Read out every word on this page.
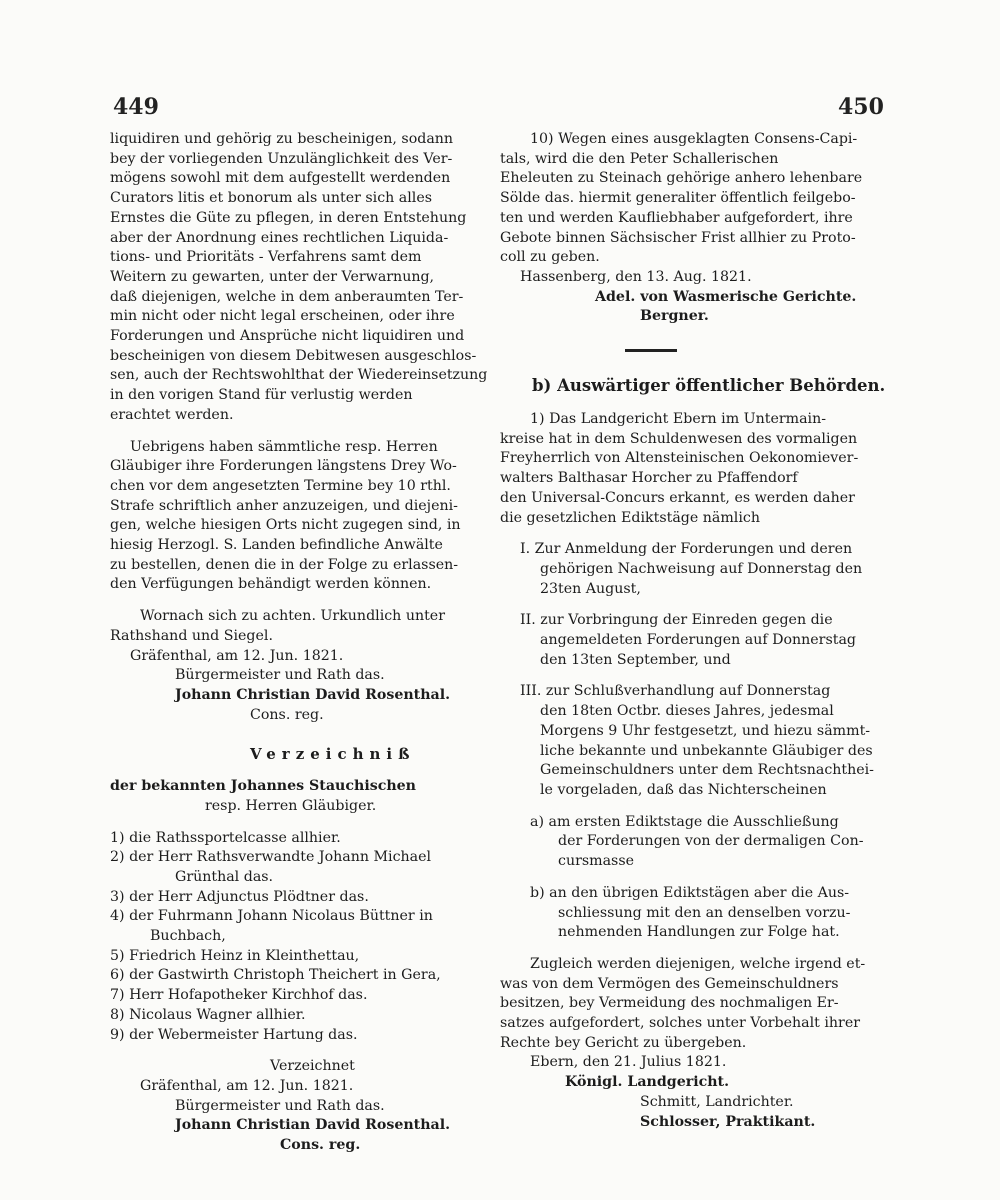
449	450

liquidiren und gehörig zu bescheinigen, sodann

bey der vorliegenden Unzulänglichkeit des Ver-

mögens sowohl mit dem aufgestellt werdenden

Curators litis et bonorum als unter sich alles

Ernstes die Güte zu pflegen, in deren Entstehung

aber der Anordnung eines rechtlichen Liquida-

tions- und Prioritäts - Verfahrens samt dem

Weitern zu gewarten, unter der Verwarnung,

daß diejenigen, welche in dem anberaumten Ter-

min nicht oder nicht legal erscheinen, oder ihre

Forderungen und Ansprüche nicht liquidiren und

bescheinigen von diesem Debitwesen ausgeschlos-

sen, auch der Rechtswohlthat der Wiedereinsetzung

in den vorigen Stand für verlustig werden

erachtet werden.

Uebrigens haben sämmtliche resp. Herren

Gläubiger ihre Forderungen längstens Drey Wo-

chen vor dem angesetzten Termine bey 10 rthl.

Strafe schriftlich anher anzuzeigen, und diejeni-

gen, welche hiesigen Orts nicht zugegen sind, in

hiesig Herzogl. S. Landen befindliche Anwälte

zu bestellen, denen die in der Folge zu erlassen-

den Verfügungen behändigt werden können.

Wornach sich zu achten. Urkundlich unter

Rathshand und Siegel.

Gräfenthal, am 12. Jun. 1821.

Bürgermeister und Rath das.

Johann Christian David Rosenthal.

Cons. reg.

Verzeichniß

der bekannten Johannes Stauchischen

resp. Herren Gläubiger.

1) die Rathssportelcasse allhier.

2) der Herr Rathsverwandte Johann Michael

Grünthal das.

3) der Herr Adjunctus Plödtner das.

4) der Fuhrmann Johann Nicolaus Büttner in

Buchbach,

5) Friedrich Heinz in Kleinthettau,

6) der Gastwirth Christoph Theichert in Gera,

7) Herr Hofapotheker Kirchhof das.

8) Nicolaus Wagner allhier.

9) der Webermeister Hartung das.

Verzeichnet

Gräfenthal, am 12. Jun. 1821.

Bürgermeister und Rath das.

Johann Christian David Rosenthal.

Cons. reg.

10) Wegen eines ausgeklagten Consens-Capi-

tals, wird die den Peter Schallerischen

Eheleuten zu Steinach gehörige anhero lehenbare

Sölde das. hiermit generaliter öffentlich feilgebo-

ten und werden Kaufliebhaber aufgefordert, ihre

Gebote binnen Sächsischer Frist allhier zu Proto-

coll zu geben.

Hassenberg, den 13. Aug. 1821.

Adel. von Wasmerische Gerichte.

Bergner.

b) Auswärtiger öffentlicher Behörden.

1) Das Landgericht Ebern im Untermain-

kreise hat in dem Schuldenwesen des vormaligen

Freyherrlich von Altensteinischen Oekonomiever-

walters Balthasar Horcher zu Pfaffendorf

den Universal-Concurs erkannt, es werden daher

die gesetzlichen Ediktstäge nämlich

I. Zur Anmeldung der Forderungen und deren

gehörigen Nachweisung auf Donnerstag den

23ten August,

II. zur Vorbringung der Einreden gegen die

angemeldeten Forderungen auf Donnerstag

den 13ten September, und

III. zur Schlußverhandlung auf Donnerstag

den 18ten Octbr. dieses Jahres, jedesmal

Morgens 9 Uhr festgesetzt, und hiezu sämmt-

liche bekannte und unbekannte Gläubiger des

Gemeinschuldners unter dem Rechtsnachthei-

le vorgeladen, daß das Nichterscheinen

a) am ersten Ediktstage die Ausschließung

der Forderungen von der dermaligen Con-

cursmasse

b) an den übrigen Ediktstägen aber die Aus-

schliessung mit den an denselben vorzu-

nehmenden Handlungen zur Folge hat.

Zugleich werden diejenigen, welche irgend et-

was von dem Vermögen des Gemeinschuldners

besitzen, bey Vermeidung des nochmaligen Er-

satzes aufgefordert, solches unter Vorbehalt ihrer

Rechte bey Gericht zu übergeben.

Ebern, den 21. Julius 1821.

Königl. Landgericht.

Schmitt, Landrichter.

Schlosser, Praktikant.
